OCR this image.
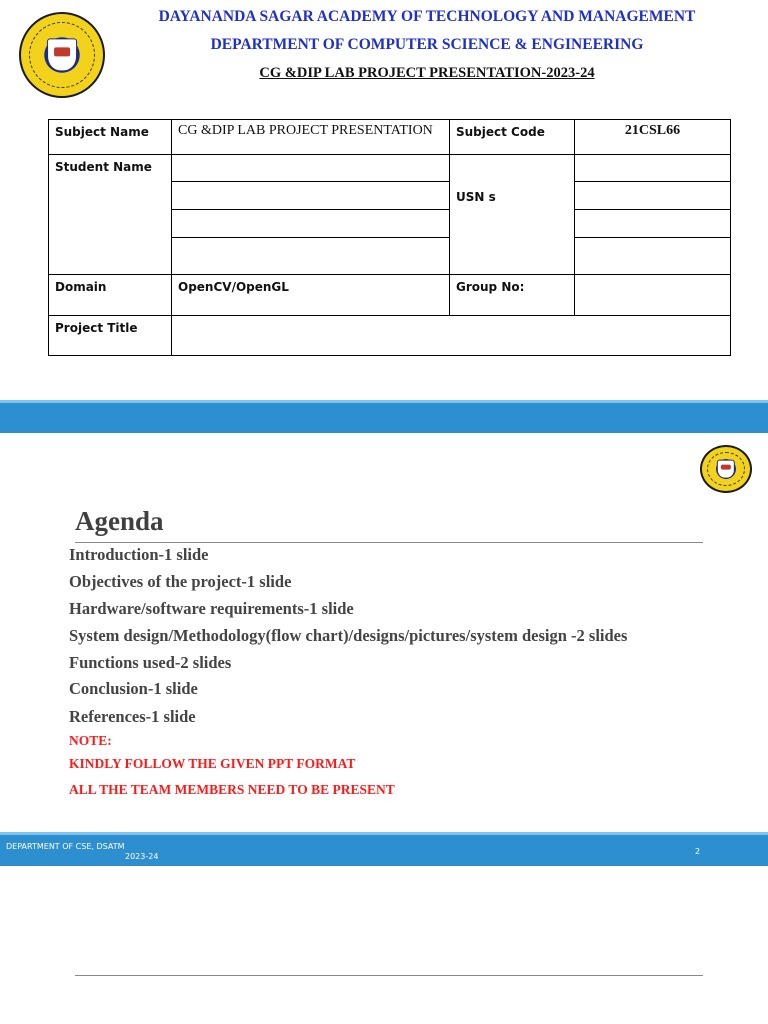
DAYANANDA SAGAR ACADEMY OF TECHNOLOGY AND MANAGEMENT
DEPARTMENT OF COMPUTER SCIENCE & ENGINEERING
CG &DIP LAB PROJECT PRESENTATION-2023-24
Subject Name	CG &DIP LAB PROJECT PRESENTATION	Subject Code	21CSL66
Student Name
USN s
Domain	OpenCV/OpenGL	Group No:
Project Title
Agenda
Introduction-1 slide
Objectives of the project-1 slide
Hardware/software requirements-1 slide
System design/Methodology(flow chart)/designs/pictures/system design -2 slides
Functions used-2 slides
Conclusion-1 slide
References-1 slide
NOTE:
KINDLY FOLLOW THE GIVEN PPT FORMAT
ALL THE TEAM MEMBERS NEED TO BE PRESENT
DEPARTMENT OF CSE, DSATM
2023-24
2
